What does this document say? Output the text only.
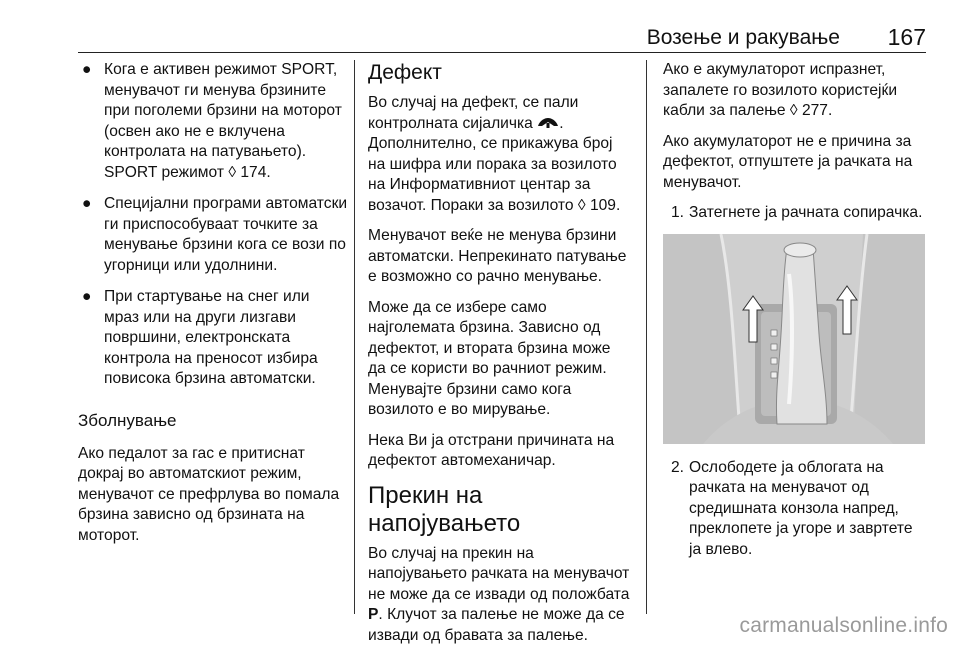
Возење и ракување 167
● Кога е активен режимот SPORT, менувачот ги менува брзините при поголеми брзини на моторот (освен ако не е вклучена контролата на патувањето). SPORT режимот ◊ 174.
● Специјални програми автоматски ги приспособуваат точките за менување брзини кога се вози по угорници или удолнини.
● При стартување на снег или мраз или на други лизгави површини, електронската контрола на преносот избира повисока брзина автоматски.
Зболнување

Ако педалот за гас е притиснат докрај во автоматскиот режим, менувачот се префрлува во помала брзина зависно од брзината на моторот.

Дефект

Во случај на дефект, се пали контролната сијаличка . Дополнително, се прикажува број на шифра или порака за возилото на Информативниот центар за возачот. Пораки за возилото ◊ 109.

Менувачот веќе не менува брзини автоматски. Непрекинато патување е возможно со рачно менување.

Може да се избере само најголемата брзина. Зависно од дефектот, и втората брзина може да се користи во рачниот режим. Менувајте брзини само кога возилото е во мирување.

Нека Ви ја отстрани причината на дефектот автомеханичар.

Прекин на напојувањето

Во случај на прекин на напојувањето рачката на менувачот не може да се извади од положбата P. Клучот за палење не може да се извади од бравата за палење.

Ако е акумулаторот испразнет, запалете го возилото користејќи кабли за палење ◊ 277.

Ако акумулаторот не е причина за дефектот, отпуштете ја рачката на менувачот.

1. Затегнете ја рачната сопирачка.
2. Ослободете ја облогата на рачката на менувачот од средишната конзола напред, преклопете ја угоре и завртете ја влево.
carmanualsonline.info
